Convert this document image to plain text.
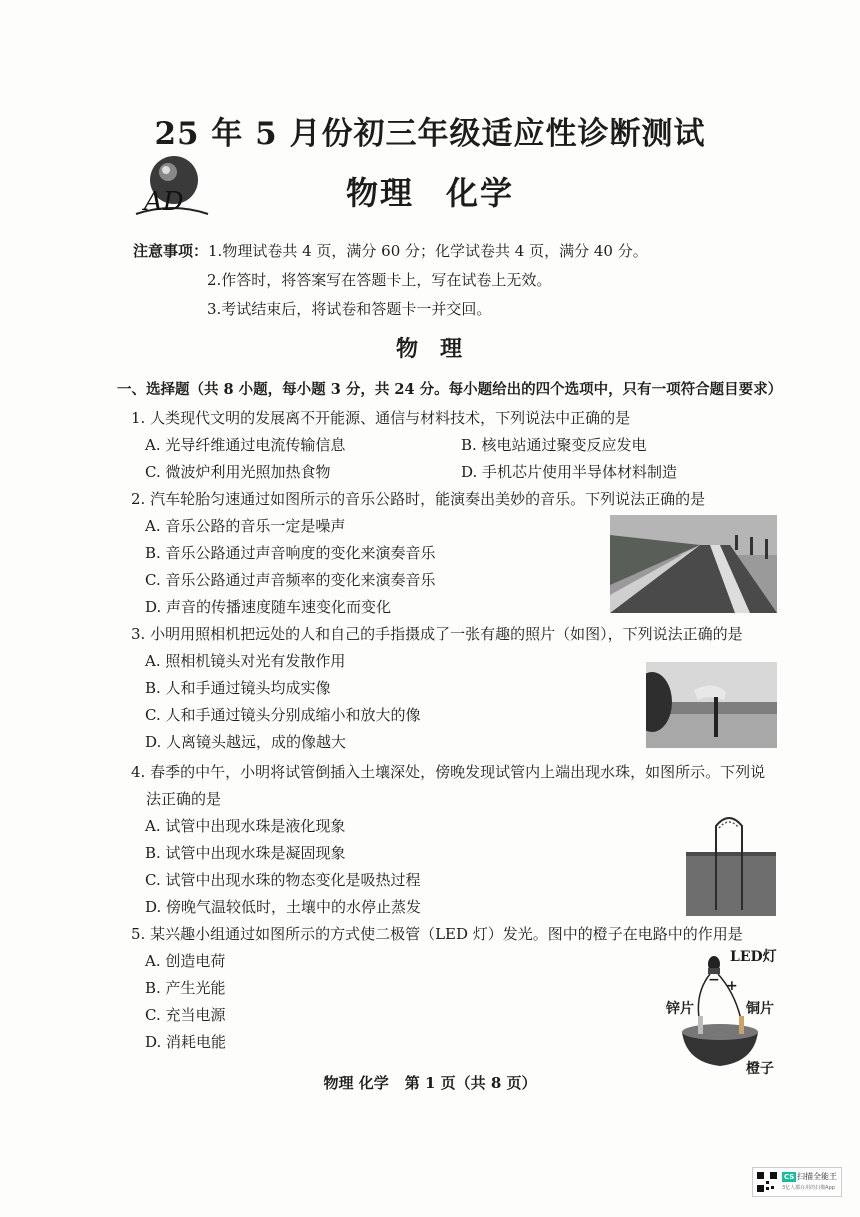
AD
25 年 5 月份初三年级适应性诊断测试
物理 化学
注意事项：1.物理试卷共 4 页，满分 60 分；化学试卷共 4 页，满分 40 分。
2.作答时，将答案写在答题卡上，写在试卷上无效。
3.考试结束后，将试卷和答题卡一并交回。
物 理
一、选择题（共 8 小题，每小题 3 分，共 24 分。每小题给出的四个选项中，只有一项符合题目要求）
1. 人类现代文明的发展离不开能源、通信与材料技术，下列说法中正确的是
A. 光导纤维通过电流传输信息	B. 核电站通过聚变反应发电
C. 微波炉利用光照加热食物	D. 手机芯片使用半导体材料制造
2. 汽车轮胎匀速通过如图所示的音乐公路时，能演奏出美妙的音乐。下列说法正确的是
A. 音乐公路的音乐一定是噪声
B. 音乐公路通过声音响度的变化来演奏音乐
C. 音乐公路通过声音频率的变化来演奏音乐
D. 声音的传播速度随车速变化而变化
3. 小明用照相机把远处的人和自己的手指摄成了一张有趣的照片（如图），下列说法正确的是
A. 照相机镜头对光有发散作用
B. 人和手通过镜头均成实像
C. 人和手通过镜头分别成缩小和放大的像
D. 人离镜头越远，成的像越大
4. 春季的中午，小明将试管倒插入土壤深处，傍晚发现试管内上端出现水珠，如图所示。下列说
法正确的是
A. 试管中出现水珠是液化现象
B. 试管中出现水珠是凝固现象
C. 试管中出现水珠的物态变化是吸热过程
D. 傍晚气温较低时，土壤中的水停止蒸发
5. 某兴趣小组通过如图所示的方式使二极管（LED 灯）发光。图中的橙子在电路中的作用是
A. 创造电荷
B. 产生光能
C. 充当电源
D. 消耗电能
LED灯
− +
锌片	铜片
橙子
物理 化学 第 1 页（共 8 页）
CS 扫描全能王
3亿人都在用的扫描App
